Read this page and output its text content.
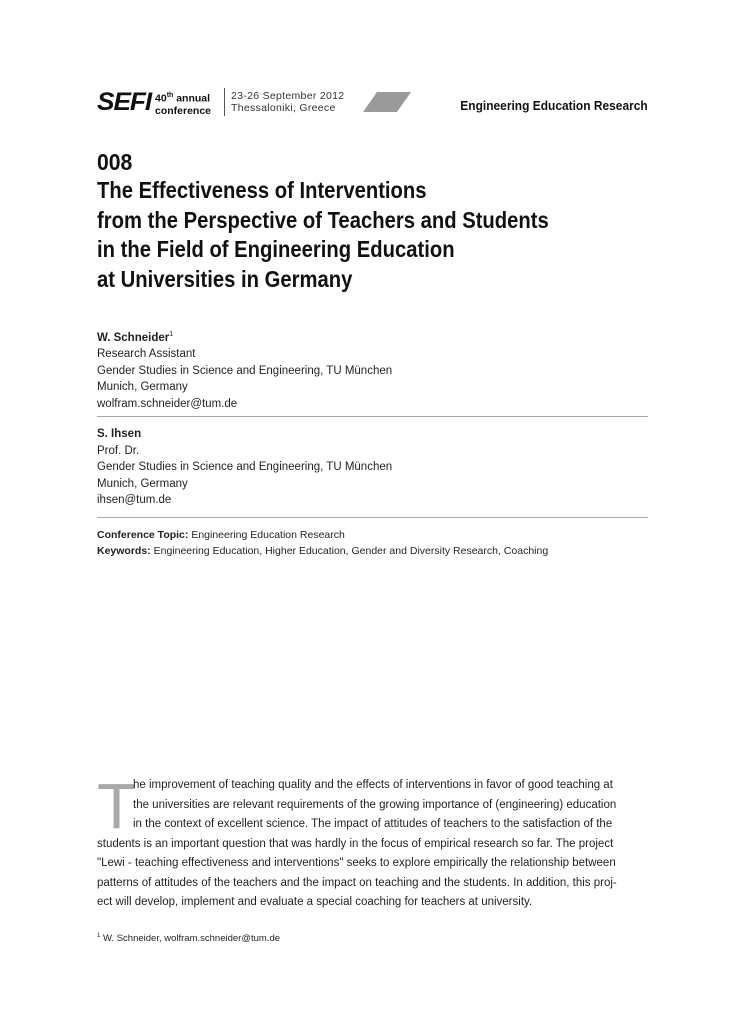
SEFI 40th annual
conference
23-26 September 2012
Thessaloniki, Greece	Engineering Education Research
008
The Effectiveness of Interventions
from the Perspective of Teachers and Students
in the Field of Engineering Education
at Universities in Germany
W. Schneider$^1$
Research Assistant
Gender Studies in Science and Engineering, TU München
Munich, Germany
wolfram.schneider@tum.de
S. Ihsen
Prof. Dr.
Gender Studies in Science and Engineering, TU München
Munich, Germany
ihsen@tum.de
Conference Topic: Engineering Education Research
Keywords: Engineering Education, Higher Education, Gender and Diversity Research, Coaching
T
he improvement of teaching quality and the effects of interventions in favor of good teaching at
the universities are relevant requirements of the growing importance of (engineering) education
in the context of excellent science. The impact of attitudes of teachers to the satisfaction of the
students is an important question that was hardly in the focus of empirical research so far. The project
"Lewi - teaching effectiveness and interventions" seeks to explore empirically the relationship between
patterns of attitudes of the teachers and the impact on teaching and the students. In addition, this proj-
ect will develop, implement and evaluate a special coaching for teachers at university.
$^1$ W. Schneider, wolfram.schneider@tum.de
